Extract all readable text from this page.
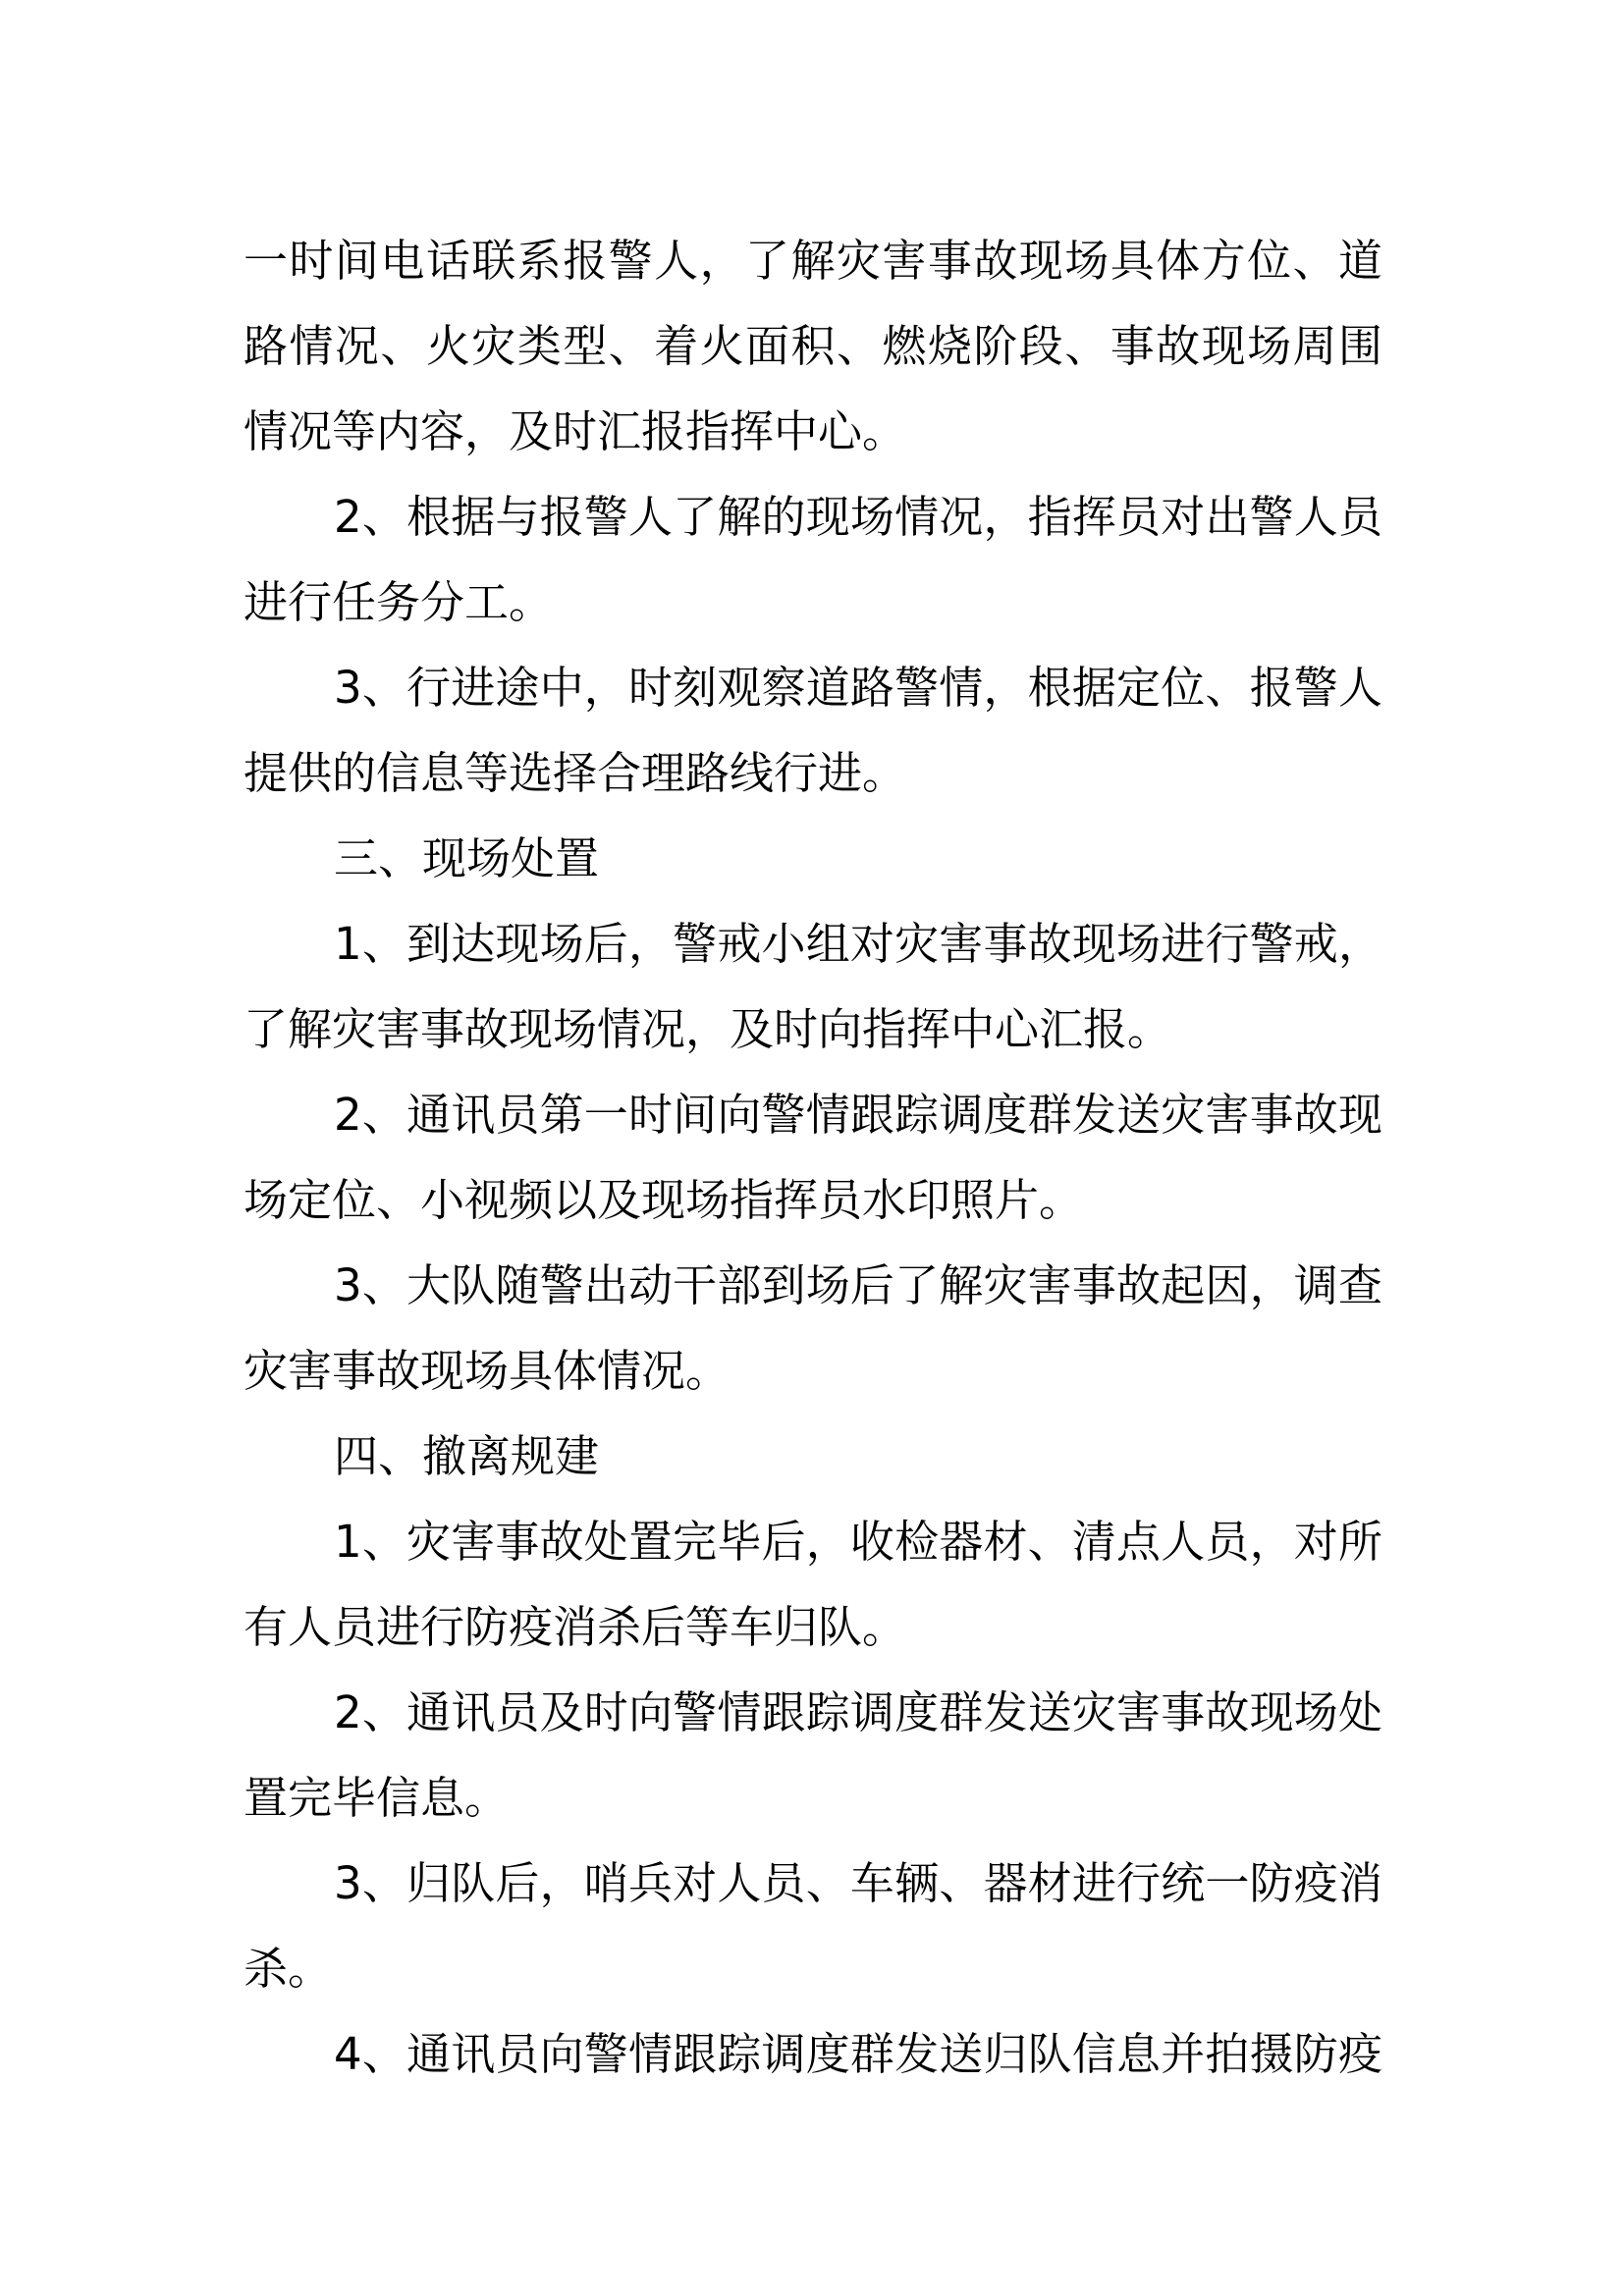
一时间电话联系报警人，了解灾害事故现场具体方位、道
路情况、火灾类型、着火面积、燃烧阶段、事故现场周围
情况等内容，及时汇报指挥中心。
2、根据与报警人了解的现场情况，指挥员对出警人员
进行任务分工。
3、行进途中，时刻观察道路警情，根据定位、报警人
提供的信息等选择合理路线行进。
三、现场处置
1、到达现场后，警戒小组对灾害事故现场进行警戒，
了解灾害事故现场情况，及时向指挥中心汇报。
2、通讯员第一时间向警情跟踪调度群发送灾害事故现
场定位、小视频以及现场指挥员水印照片。
3、大队随警出动干部到场后了解灾害事故起因，调查
灾害事故现场具体情况。
四、撤离规建
1、灾害事故处置完毕后，收检器材、清点人员，对所
有人员进行防疫消杀后等车归队。
2、通讯员及时向警情跟踪调度群发送灾害事故现场处
置完毕信息。
3、归队后，哨兵对人员、车辆、器材进行统一防疫消
杀。
4、通讯员向警情跟踪调度群发送归队信息并拍摄防疫
